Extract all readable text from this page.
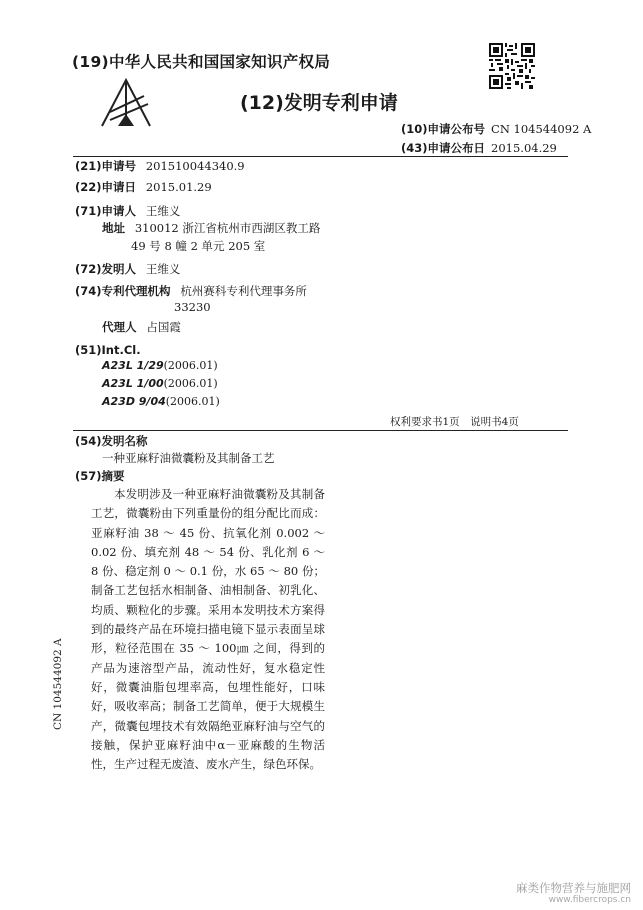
(19)中华人民共和国国家知识产权局
(12)发明专利申请
(10)申请公布号 CN 104544092 A
(43)申请公布日 2015.04.29
(21)申请号 201510044340.9
(22)申请日 2015.01.29
(71)申请人 王维义
地址 310012 浙江省杭州市西湖区教工路
49 号 8 幢 2 单元 205 室
(72)发明人 王维义
(74)专利代理机构 杭州赛科专利代理事务所
33230
代理人 占国霞
(51)Int.Cl.
A23L 1/29(2006.01)
A23L 1/00(2006.01)
A23D 9/04(2006.01)
权利要求书1页　说明书4页
(54)发明名称
一种亚麻籽油微囊粉及其制备工艺
(57)摘要
本发明涉及一种亚麻籽油微囊粉及其制备工艺，微囊粉由下列重量份的组分配比而成：亚麻籽油 38 ～ 45 份、抗氧化剂 0.002 ～ 0.02 份、填充剂 48 ～ 54 份、乳化剂 6 ～ 8 份、稳定剂 0 ～ 0.1 份，水 65 ～ 80 份；制备工艺包括水相制备、油相制备、初乳化、均质、颗粒化的步骤。采用本发明技术方案得到的最终产品在环境扫描电镜下显示表面呈球形，粒径范围在 35 ～ 100㎛ 之间，得到的产品为速溶型产品，流动性好，复水稳定性好，微囊油脂包埋率高，包埋性能好，口味好，吸收率高；制备工艺简单，便于大规模生产，微囊包埋技术有效隔绝亚麻籽油与空气的接触，保护亚麻籽油中α－亚麻酸的生物活性，生产过程无废渣、废水产生，绿色环保。
CN 104544092 A
麻类作物营养与施肥网
www.fibercrops.cn
